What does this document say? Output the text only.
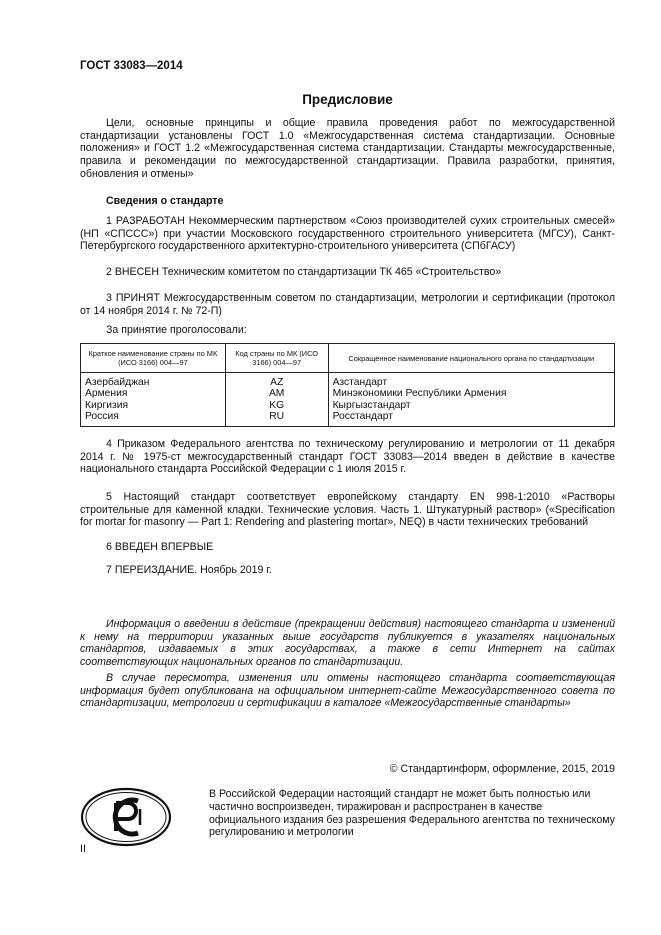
ГОСТ 33083—2014
Предисловие
Цели, основные принципы и общие правила проведения работ по межгосударственной стандартизации установлены ГОСТ 1.0 «Межгосударственная система стандартизации. Основные положения» и ГОСТ 1.2 «Межгосударственная система стандартизации. Стандарты межгосударственные, правила и рекомендации по межгосударственной стандартизации. Правила разработки, принятия, обновления и отмены»
Сведения о стандарте
1 РАЗРАБОТАН Некоммерческим партнерством «Союз производителей сухих строительных смесей» (НП «СПССС») при участии Московского государственного строительного университета (МГСУ), Санкт-Петербургского государственного архитектурно-строительного университета (СПбГАСУ)
2 ВНЕСЕН Техническим комитетом по стандартизации ТК 465 «Строительство»
3 ПРИНЯТ Межгосударственным советом по стандартизации, метрологии и сертификации (протокол от 14 ноября 2014 г. № 72-П)
За принятие проголосовали:
Краткое наименование страны по МК (ИСО 3166) 004—97	Код страны по МК (ИСО 3166) 004—97	Сокращенное наименование национального органа по стандартизации
Азербайджан	AZ	Азстандарт
Армения	AM	Минэкономики Республики Армения
Киргизия	KG	Кыргызстандарт
Россия	RU	Росстандарт
4 Приказом Федерального агентства по техническому регулированию и метрологии от 11 декабря 2014 г. № 1975-ст межгосударственный стандарт ГОСТ 33083—2014 введен в действие в качестве национального стандарта Российской Федерации с 1 июля 2015 г.
5 Настоящий стандарт соответствует европейскому стандарту EN 998-1:2010 «Растворы строительные для каменной кладки. Технические условия. Часть 1. Штукатурный раствор» («Specification for mortar for masonry — Part 1: Rendering and plastering mortar», NEQ) в части технических требований
6 ВВЕДЕН ВПЕРВЫЕ
7 ПЕРЕИЗДАНИЕ. Ноябрь 2019 г.
Информация о введении в действие (прекращении действия) настоящего стандарта и изменений к нему на территории указанных выше государств публикуется в указателях национальных стандартов, издаваемых в этих государствах, а также в сети Интернет на сайтах соответствующих национальных органов по стандартизации.
В случае пересмотра, изменения или отмены настоящего стандарта соответствующая информация будет опубликована на официальном интернет-сайте Межгосударственного совета по стандартизации, метрологии и сертификации в каталоге «Межгосударственные стандарты»
© Стандартинформ, оформление, 2015, 2019
В Российской Федерации настоящий стандарт не может быть полностью или частично воспроизведен, тиражирован и распространен в качестве официального издания без разрешения Федерального агентства по техническому регулированию и метрологии
II
